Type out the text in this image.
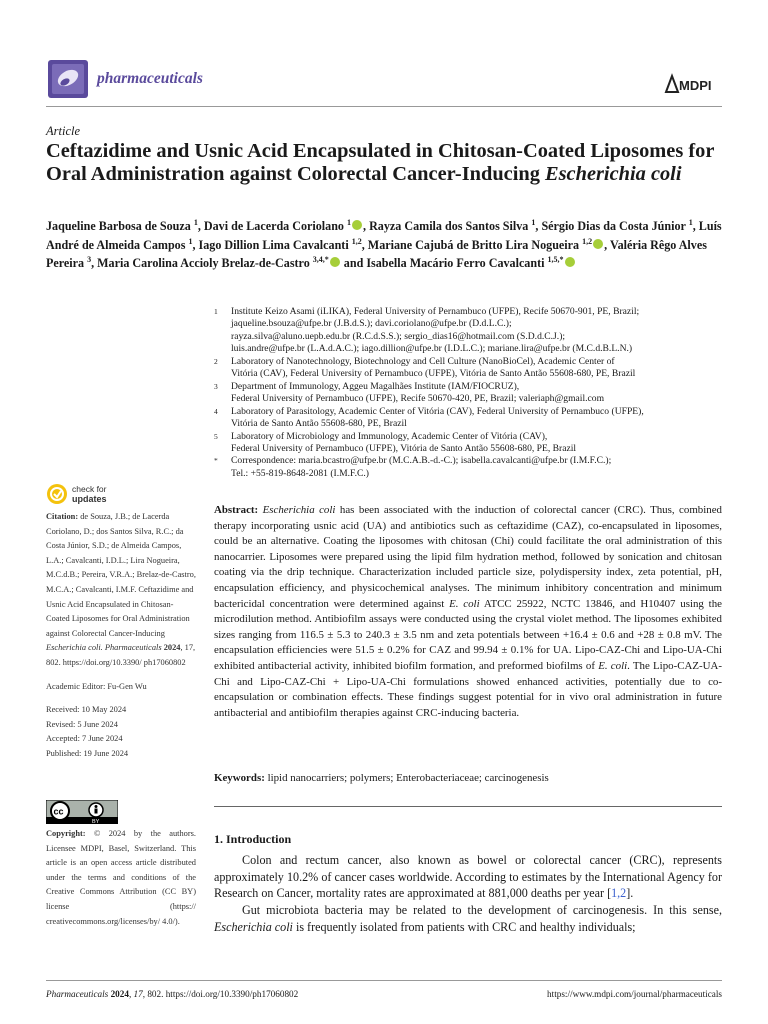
pharmaceuticals	MDPI
Article
Ceftazidime and Usnic Acid Encapsulated in Chitosan-Coated Liposomes for Oral Administration against Colorectal Cancer-Inducing Escherichia coli
Jaqueline Barbosa de Souza $^1$, Davi de Lacerda Coriolano $^1$ , Rayza Camila dos Santos Silva $^1$, Sérgio Dias da Costa Júnior $^1$, Luís André de Almeida Campos $^1$, Iago Dillion Lima Cavalcanti $^{1,2}$, Mariane Cajubá de Britto Lira Nogueira $^{1,2}$ , Valéria Rêgo Alves Pereira $^3$, Maria Carolina Accioly Brelaz-de-Castro $^{3,4,*}$ and Isabella Macário Ferro Cavalcanti $^{1,5,*}$
1	Institute Keizo Asami (iLIKA), Federal University of Pernambuco (UFPE), Recife 50670-901, PE, Brazil;
jaqueline.bsouza@ufpe.br (J.B.d.S.); davi.coriolano@ufpe.br (D.d.L.C.);
rayza.silva@aluno.uepb.edu.br (R.C.d.S.S.); sergio_dias16@hotmail.com (S.D.d.C.J.);
luis.andre@ufpe.br (L.A.d.A.C.); iago.dillion@ufpe.br (I.D.L.C.); mariane.lira@ufpe.br (M.C.d.B.L.N.)
2	Laboratory of Nanotechnology, Biotechnology and Cell Culture (NanoBioCel), Academic Center of
Vitória (CAV), Federal University of Pernambuco (UFPE), Vitória de Santo Antão 55608-680, PE, Brazil
3	Department of Immunology, Aggeu Magalhães Institute (IAM/FIOCRUZ),
Federal University of Pernambuco (UFPE), Recife 50670-420, PE, Brazil; valeriaph@gmail.com
4	Laboratory of Parasitology, Academic Center of Vitória (CAV), Federal University of Pernambuco (UFPE),
Vitória de Santo Antão 55608-680, PE, Brazil
5	Laboratory of Microbiology and Immunology, Academic Center of Vitória (CAV),
Federal University of Pernambuco (UFPE), Vitória de Santo Antão 55608-680, PE, Brazil
*	Correspondence: maria.bcastro@ufpe.br (M.C.A.B.-d.-C.); isabella.cavalcanti@ufpe.br (I.M.F.C.);
Tel.: +55-819-8648-2081 (I.M.F.C.)
check for
updates

Citation: de Souza, J.B.; de Lacerda Coriolano, D.; dos Santos Silva, R.C.; da Costa Júnior, S.D.; de Almeida Campos, L.A.; Cavalcanti, I.D.L.; Lira Nogueira, M.C.d.B.; Pereira, V.R.A.; Brelaz-de-Castro, M.C.A.; Cavalcanti, I.M.F. Ceftazidime and Usnic Acid Encapsulated in Chitosan-Coated Liposomes for Oral Administration against Colorectal Cancer-Inducing Escherichia coli. Pharmaceuticals 2024, 17, 802. https://doi.org/10.3390/ ph17060802

Academic Editor: Fu-Gen Wu

Received: 10 May 2024

Revised: 5 June 2024

Accepted: 7 June 2024

Published: 19 June 2024

cc
BY
Copyright: © 2024 by the authors. Licensee MDPI, Basel, Switzerland. This article is an open access article distributed under the terms and conditions of the Creative Commons Attribution (CC BY) license (https:// creativecommons.org/licenses/by/ 4.0/).

Abstract: Escherichia coli has been associated with the induction of colorectal cancer (CRC). Thus, combined therapy incorporating usnic acid (UA) and antibiotics such as ceftazidime (CAZ), co-encapsulated in liposomes, could be an alternative. Coating the liposomes with chitosan (Chi) could facilitate the oral administration of this nanocarrier. Liposomes were prepared using the lipid film hydration method, followed by sonication and chitosan coating via the drip technique. Characterization included particle size, polydispersity index, zeta potential, pH, encapsulation efficiency, and physicochemical analyses. The minimum inhibitory concentration and minimum bactericidal concentration were determined against E. coli ATCC 25922, NCTC 13846, and H10407 using the microdilution method. Antibiofilm assays were conducted using the crystal violet method. The liposomes exhibited sizes ranging from 116.5 ± 5.3 to 240.3 ± 3.5 nm and zeta potentials between +16.4 ± 0.6 and +28 ± 0.8 mV. The encapsulation efficiencies were 51.5 ± 0.2% for CAZ and 99.94 ± 0.1% for UA. Lipo-CAZ-Chi and Lipo-UA-Chi exhibited antibacterial activity, inhibited biofilm formation, and preformed biofilms of E. coli. The Lipo-CAZ-UA-Chi and Lipo-CAZ-Chi + Lipo-UA-Chi formulations showed enhanced activities, potentially due to co-encapsulation or combination effects. These findings suggest potential for in vivo oral administration in future antibacterial and antibiofilm therapies against CRC-inducing bacteria.

Keywords: lipid nanocarriers; polymers; Enterobacteriaceae; carcinogenesis

1. Introduction

Colon and rectum cancer, also known as bowel or colorectal cancer (CRC), represents approximately 10.2% of cancer cases worldwide. According to estimates by the International Agency for Research on Cancer, mortality rates are approximated at 881,000 deaths per year [1,2].

Gut microbiota bacteria may be related to the development of carcinogenesis. In this sense, Escherichia coli is frequently isolated from patients with CRC and healthy individuals;

Pharmaceuticals 2024, 17, 802. https://doi.org/10.3390/ph17060802	https://www.mdpi.com/journal/pharmaceuticals
